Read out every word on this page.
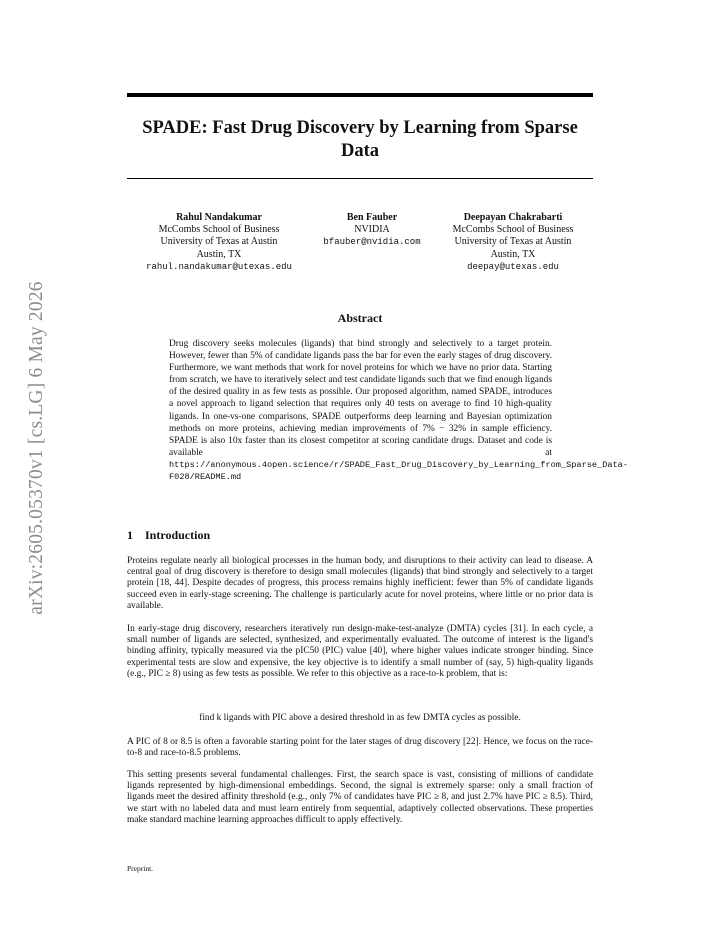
arXiv:2605.05370v1 [cs.LG] 6 May 2026
SPADE: Fast Drug Discovery by Learning from Sparse Data
Rahul Nandakumar
McCombs School of Business
University of Texas at Austin
Austin, TX
rahul.nandakumar@utexas.edu
Ben Fauber
NVIDIA
bfauber@nvidia.com
Deepayan Chakrabarti
McCombs School of Business
University of Texas at Austin
Austin, TX
deepay@utexas.edu
Abstract

Drug discovery seeks molecules (ligands) that bind strongly and selectively to a target protein. However, fewer than 5% of candidate ligands pass the bar for even the early stages of drug discovery. Furthermore, we want methods that work for novel proteins for which we have no prior data. Starting from scratch, we have to iteratively select and test candidate ligands such that we find enough ligands of the desired quality in as few tests as possible. Our proposed algorithm, named SPADE, introduces a novel approach to ligand selection that requires only 40 tests on average to find 10 high-quality ligands. In one-vs-one comparisons, SPADE outperforms deep learning and Bayesian optimization methods on more proteins, achieving median improvements of 7% − 32% in sample efficiency. SPADE is also 10x faster than its closest competitor at scoring candidate drugs. Dataset and code is available at https://anonymous.4open.science/r/SPADE_Fast_Drug_Discovery_by_Learning_from_Sparse_Data-F028/README.md

1 Introduction

Proteins regulate nearly all biological processes in the human body, and disruptions to their activity can lead to disease. A central goal of drug discovery is therefore to design small molecules (ligands) that bind strongly and selectively to a target protein [18, 44]. Despite decades of progress, this process remains highly inefficient: fewer than 5% of candidate ligands succeed even in early-stage screening. The challenge is particularly acute for novel proteins, where little or no prior data is available.

In early-stage drug discovery, researchers iteratively run design-make-test-analyze (DMTA) cycles [31]. In each cycle, a small number of ligands are selected, synthesized, and experimentally evaluated. The outcome of interest is the ligand's binding affinity, typically measured via the pIC50 (PIC) value [40], where higher values indicate stronger binding. Since experimental tests are slow and expensive, the key objective is to identify a small number of (say, 5) high-quality ligands (e.g., PIC ≥ 8) using as few tests as possible. We refer to this objective as a race-to-k problem, that is:

find k ligands with PIC above a desired threshold in as few DMTA cycles as possible.

A PIC of 8 or 8.5 is often a favorable starting point for the later stages of drug discovery [22]. Hence, we focus on the race-to-8 and race-to-8.5 problems.

This setting presents several fundamental challenges. First, the search space is vast, consisting of millions of candidate ligands represented by high-dimensional embeddings. Second, the signal is extremely sparse: only a small fraction of ligands meet the desired affinity threshold (e.g., only 7% of candidates have PIC ≥ 8, and just 2.7% have PIC ≥ 8.5). Third, we start with no labeled data and must learn entirely from sequential, adaptively collected observations. These properties make standard machine learning approaches difficult to apply effectively.

Preprint.
